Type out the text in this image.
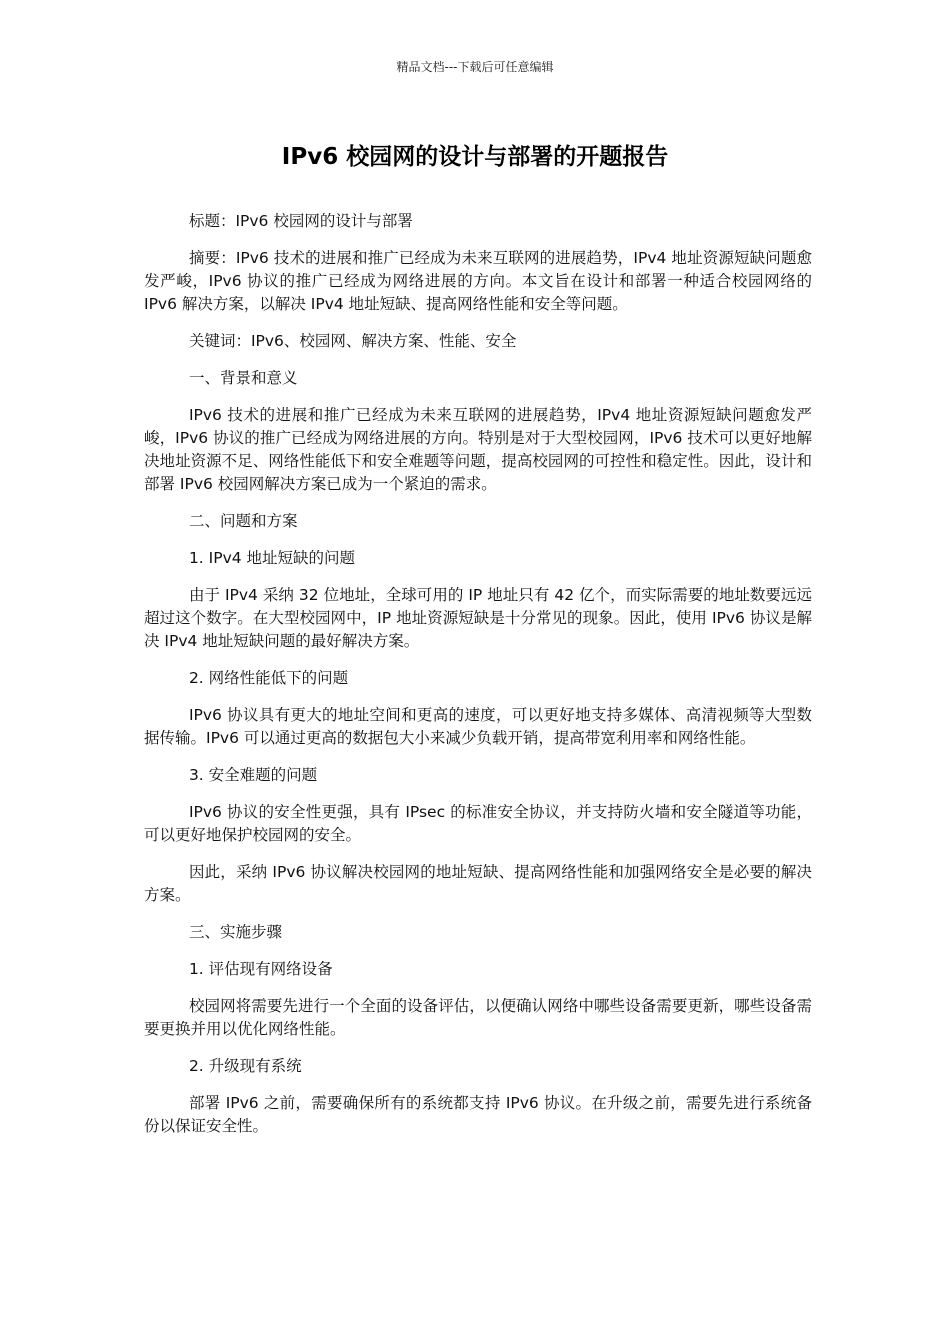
精品文档---下载后可任意编辑
IPv6 校园网的设计与部署的开题报告

标题：IPv6 校园网的设计与部署

摘要：IPv6 技术的进展和推广已经成为未来互联网的进展趋势，IPv4 地址资源短缺问题愈发严峻，IPv6 协议的推广已经成为网络进展的方向。本文旨在设计和部署一种适合校园网络的 IPv6 解决方案，以解决 IPv4 地址短缺、提高网络性能和安全等问题。

关键词：IPv6、校园网、解决方案、性能、安全

一、背景和意义

IPv6 技术的进展和推广已经成为未来互联网的进展趋势，IPv4 地址资源短缺问题愈发严峻，IPv6 协议的推广已经成为网络进展的方向。特别是对于大型校园网，IPv6 技术可以更好地解决地址资源不足、网络性能低下和安全难题等问题，提高校园网的可控性和稳定性。因此，设计和部署 IPv6 校园网解决方案已成为一个紧迫的需求。

二、问题和方案

1. IPv4 地址短缺的问题

由于 IPv4 采纳 32 位地址，全球可用的 IP 地址只有 42 亿个，而实际需要的地址数要远远超过这个数字。在大型校园网中，IP 地址资源短缺是十分常见的现象。因此，使用 IPv6 协议是解决 IPv4 地址短缺问题的最好解决方案。

2. 网络性能低下的问题

IPv6 协议具有更大的地址空间和更高的速度，可以更好地支持多媒体、高清视频等大型数据传输。IPv6 可以通过更高的数据包大小来减少负载开销，提高带宽利用率和网络性能。

3. 安全难题的问题

IPv6 协议的安全性更强，具有 IPsec 的标准安全协议，并支持防火墙和安全隧道等功能，可以更好地保护校园网的安全。

因此，采纳 IPv6 协议解决校园网的地址短缺、提高网络性能和加强网络安全是必要的解决方案。

三、实施步骤

1. 评估现有网络设备

校园网将需要先进行一个全面的设备评估，以便确认网络中哪些设备需要更新，哪些设备需要更换并用以优化网络性能。

2. 升级现有系统

部署 IPv6 之前，需要确保所有的系统都支持 IPv6 协议。在升级之前，需要先进行系统备份以保证安全性。
